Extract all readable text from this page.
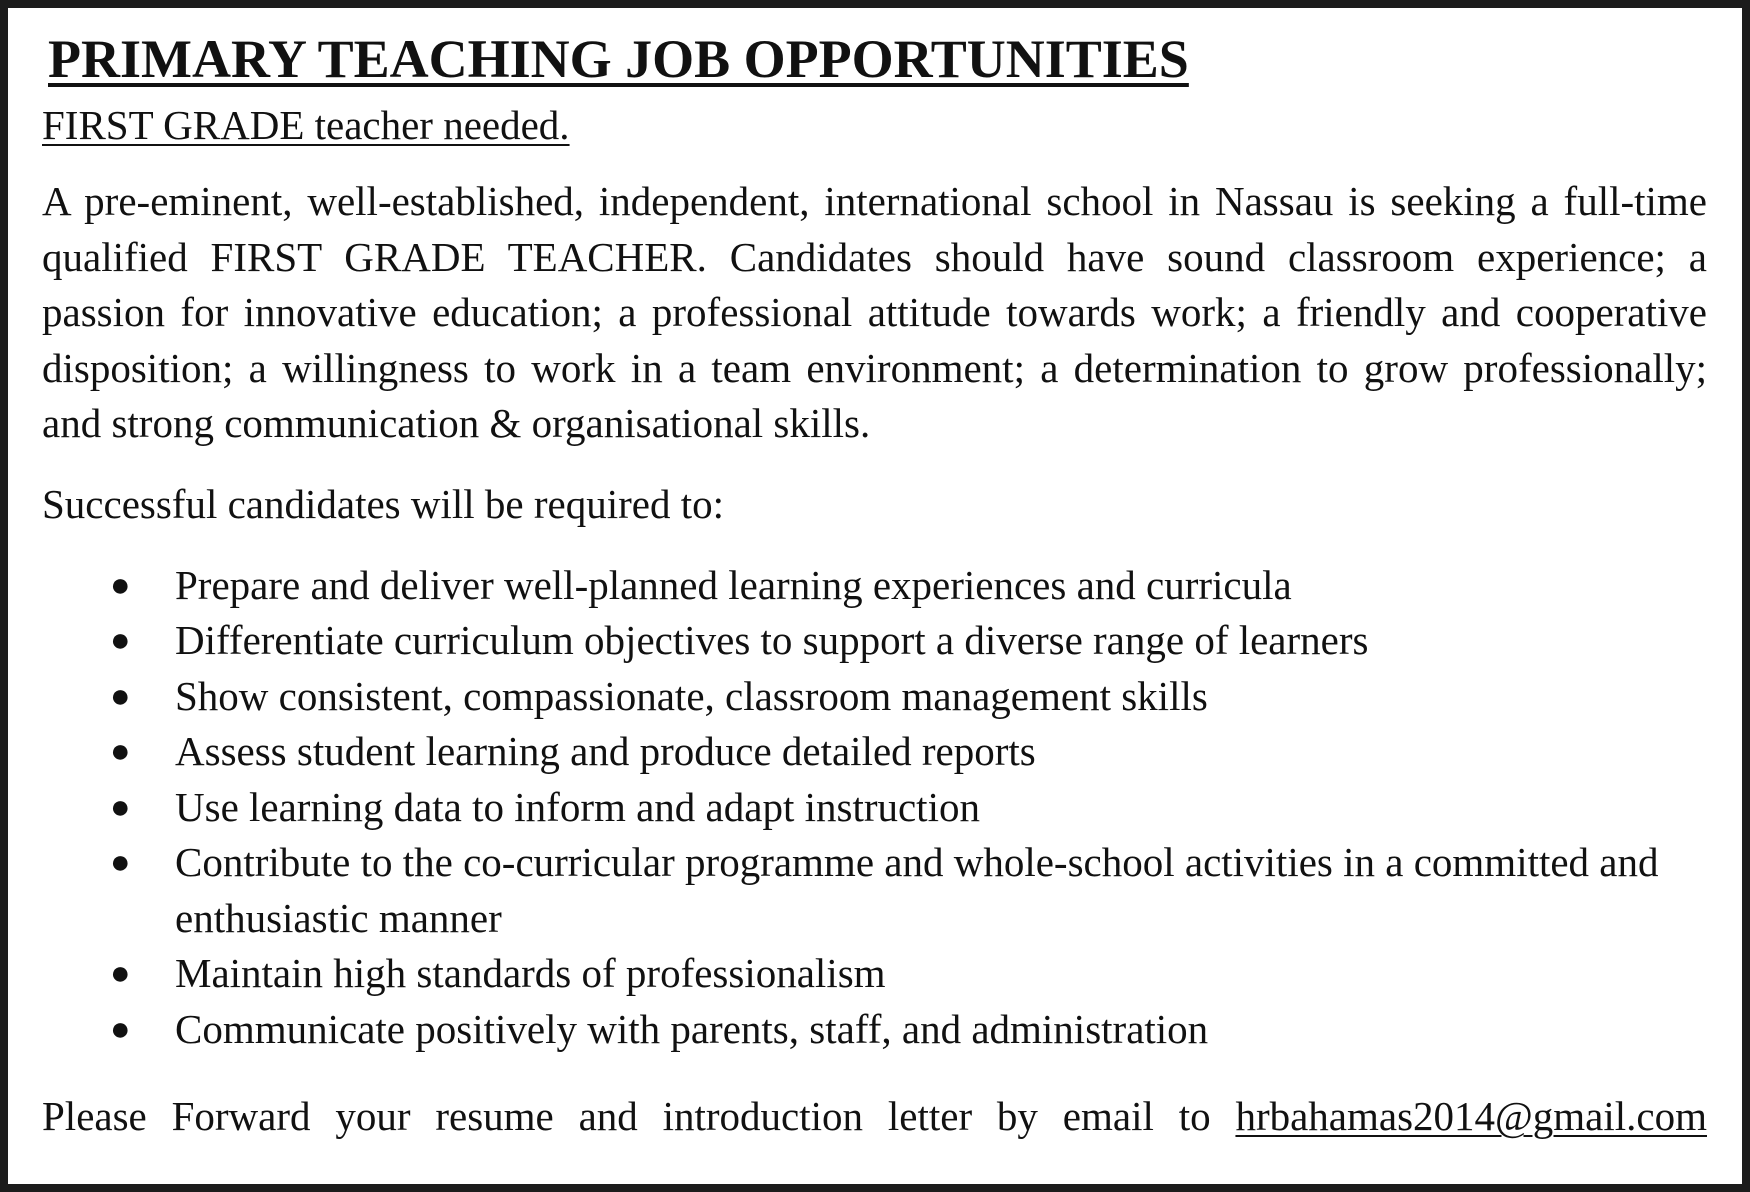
PRIMARY TEACHING JOB OPPORTUNITIES
FIRST GRADE teacher needed.

A pre-eminent, well-established, independent, international school in Nassau is seeking a full-time qualified FIRST GRADE TEACHER. Candidates should have sound classroom experience; a passion for innovative education; a professional attitude towards work; a friendly and cooperative disposition; a willingness to work in a team environment; a determination to grow professionally; and strong communication & organisational skills.

Successful candidates will be required to:

● Prepare and deliver well-planned learning experiences and curricula
● Differentiate curriculum objectives to support a diverse range of learners
● Show consistent, compassionate, classroom management skills
● Assess student learning and produce detailed reports
● Use learning data to inform and adapt instruction
● Contribute to the co-curricular programme and whole-school activities in a committed and enthusiastic manner
● Maintain high standards of professionalism
● Communicate positively with parents, staff, and administration

Please Forward your resume and introduction letter by email to hrbahamas2014@gmail.com
